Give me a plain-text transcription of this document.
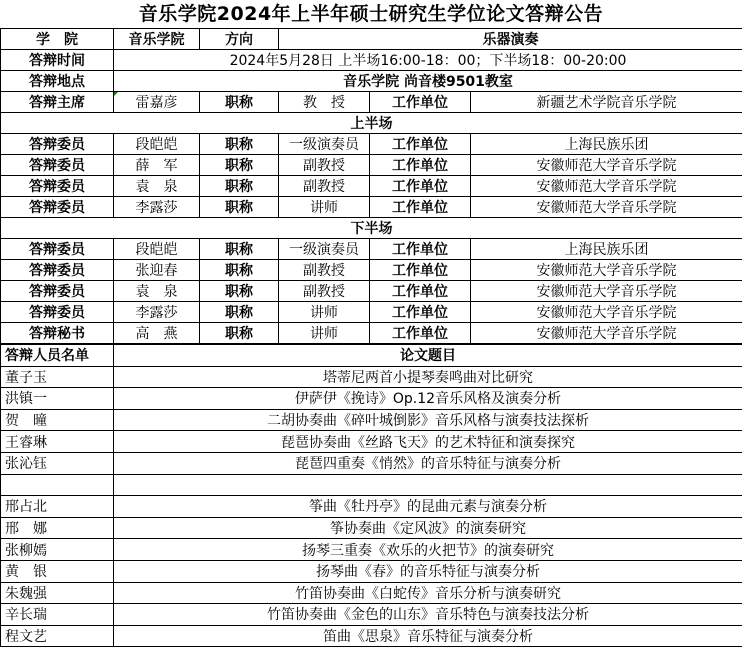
音乐学院2024年上半年硕士研究生学位论文答辩公告
学　院	音乐学院	方向	乐器演奏		
答辩时间	2024年5月28日 上半场16:00-18：00；下半场18：00-20:00				
答辩地点	音乐学院 尚音楼9501教室				
答辩主席	雷嘉彦	职称	教　授	工作单位	新疆艺术学院音乐学院
上半场					
答辩委员	段皑皑	职称	一级演奏员	工作单位	上海民族乐团
答辩委员	薛　军	职称	副教授	工作单位	安徽师范大学音乐学院
答辩委员	袁　泉	职称	副教授	工作单位	安徽师范大学音乐学院
答辩委员	李露莎	职称	讲师	工作单位	安徽师范大学音乐学院
下半场					
答辩委员	段皑皑	职称	一级演奏员	工作单位	上海民族乐团
答辩委员	张迎春	职称	副教授	工作单位	安徽师范大学音乐学院
答辩委员	袁　泉	职称	副教授	工作单位	安徽师范大学音乐学院
答辩委员	李露莎	职称	讲师	工作单位	安徽师范大学音乐学院
答辩秘书	高　燕	职称	讲师	工作单位	安徽师范大学音乐学院
答辩人员名单	论文题目
董子玉	塔蒂尼两首小提琴奏鸣曲对比研究
洪镇一	伊萨伊《挽诗》Op.12音乐风格及演奏分析
贺　曈	二胡协奏曲《碎叶城倒影》音乐风格与演奏技法探析
王睿琳	琵琶协奏曲《丝路飞天》的艺术特征和演奏探究
张沁钰	琵琶四重奏《悄然》的音乐特征与演奏分析

邢占北	筝曲《牡丹亭》的昆曲元素与演奏分析
邢　娜	筝协奏曲《定风波》的演奏研究
张柳嫣	扬琴三重奏《欢乐的火把节》的演奏研究
黄　银	扬琴曲《春》的音乐特征与演奏分析
朱魏强	竹笛协奏曲《白蛇传》音乐分析与演奏研究
辛长瑞	竹笛协奏曲《金色的山东》音乐特色与演奏技法分析
程文艺	笛曲《思泉》音乐特征与演奏分析
